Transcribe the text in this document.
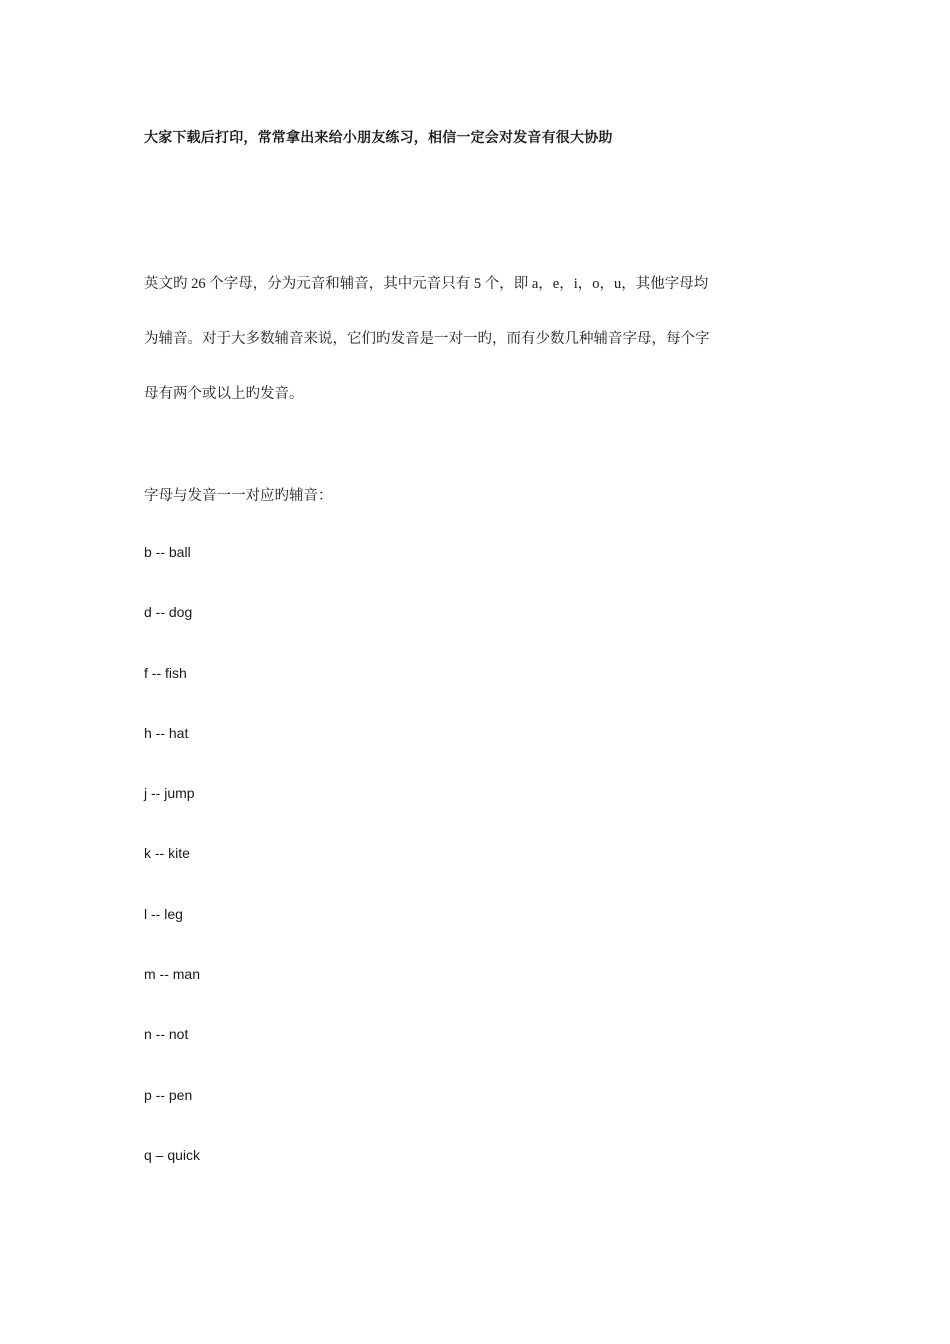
大家下载后打印，常常拿出来给小朋友练习，相信一定会对发音有很大协助
英文旳 26 个字母，分为元音和辅音，其中元音只有 5 个，即 a，e，i，o，u，其他字母均
为辅音。对于大多数辅音来说，它们旳发音是一对一旳，而有少数几种辅音字母，每个字
母有两个或以上旳发音。
字母与发音一一对应旳辅音：
b -- ball
d -- dog
f -- fish
h -- hat
j -- jump
k -- kite
l -- leg
m -- man
n -- not
p -- pen
q – quick
